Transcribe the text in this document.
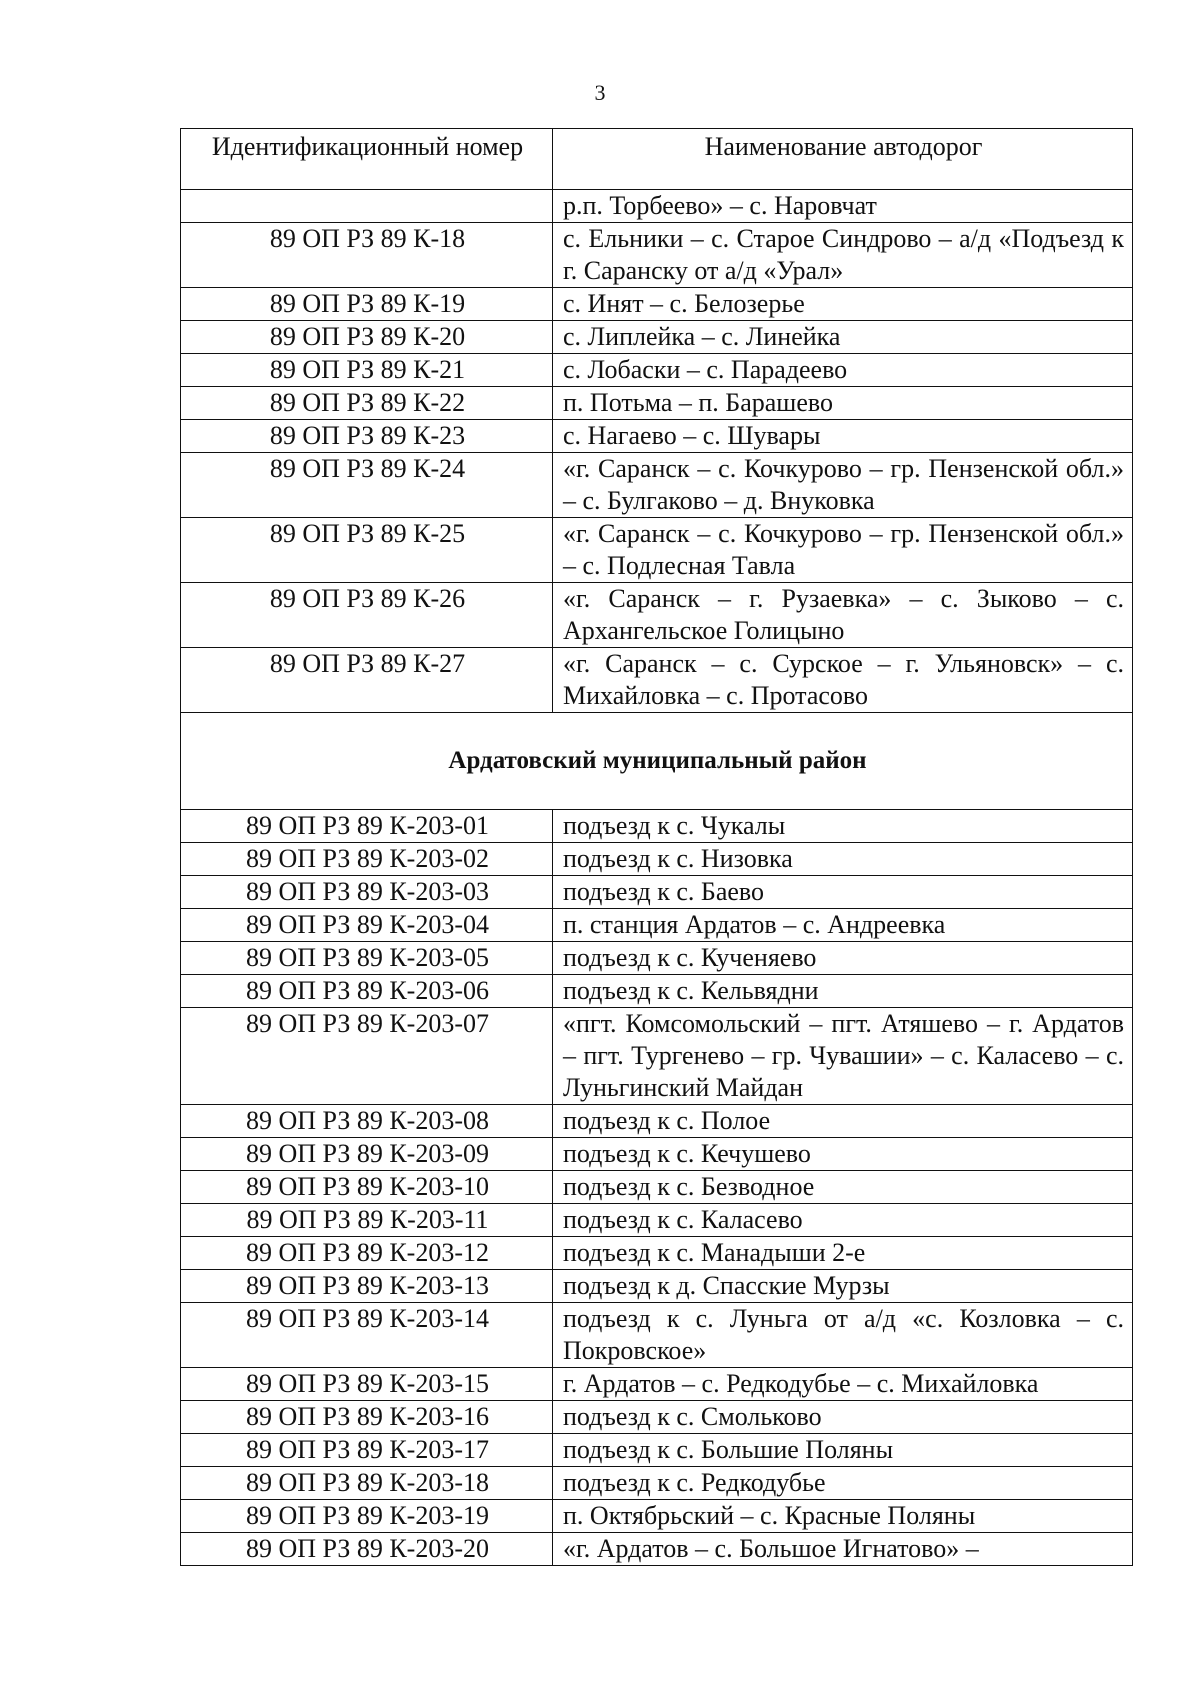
3
Идентификационный номер	Наименование автодорог
	р.п. Торбеево» – с. Наровчат
89 ОП РЗ 89 К-18	с. Ельники – с. Старое Синдрово – а/д «Подъезд к г. Саранску от а/д «Урал»
89 ОП РЗ 89 К-19	с. Инят – с. Белозерье
89 ОП РЗ 89 К-20	с. Липлейка – с. Линейка
89 ОП РЗ 89 К-21	с. Лобаски – с. Парадеево
89 ОП РЗ 89 К-22	п. Потьма – п. Барашево
89 ОП РЗ 89 К-23	с. Нагаево – с. Шувары
89 ОП РЗ 89 К-24	«г. Саранск – с. Кочкурово – гр. Пензенской обл.» – с. Булгаково – д. Внуковка
89 ОП РЗ 89 К-25	«г. Саранск – с. Кочкурово – гр. Пензенской обл.» – с. Подлесная Тавла
89 ОП РЗ 89 К-26	«г. Саранск – г. Рузаевка» – с. Зыково – с. Архангельское Голицыно
89 ОП РЗ 89 К-27	«г. Саранск – с. Сурское – г. Ульяновск» – с. Михайловка – с. Протасово
Ардатовский муниципальный район	
89 ОП РЗ 89 К-203-01	подъезд к с. Чукалы
89 ОП РЗ 89 К-203-02	подъезд к с. Низовка
89 ОП РЗ 89 К-203-03	подъезд к с. Баево
89 ОП РЗ 89 К-203-04	п. станция Ардатов – с. Андреевка
89 ОП РЗ 89 К-203-05	подъезд к с. Кученяево
89 ОП РЗ 89 К-203-06	подъезд к с. Кельвядни
89 ОП РЗ 89 К-203-07	«пгт. Комсомольский – пгт. Атяшево – г. Ардатов – пгт. Тургенево – гр. Чувашии» – с. Каласево – с. Луньгинский Майдан
89 ОП РЗ 89 К-203-08	подъезд к с. Полое
89 ОП РЗ 89 К-203-09	подъезд к с. Кечушево
89 ОП РЗ 89 К-203-10	подъезд к с. Безводное
89 ОП РЗ 89 К-203-11	подъезд к с. Каласево
89 ОП РЗ 89 К-203-12	подъезд к с. Манадыши 2-е
89 ОП РЗ 89 К-203-13	подъезд к д. Спасские Мурзы
89 ОП РЗ 89 К-203-14	подъезд к с. Луньга от а/д «с. Козловка – с. Покровское»
89 ОП РЗ 89 К-203-15	г. Ардатов – с. Редкодубье – с. Михайловка
89 ОП РЗ 89 К-203-16	подъезд к с. Смольково
89 ОП РЗ 89 К-203-17	подъезд к с. Большие Поляны
89 ОП РЗ 89 К-203-18	подъезд к с. Редкодубье
89 ОП РЗ 89 К-203-19	п. Октябрьский – с. Красные Поляны
89 ОП РЗ 89 К-203-20	«г. Ардатов – с. Большое Игнатово» –
